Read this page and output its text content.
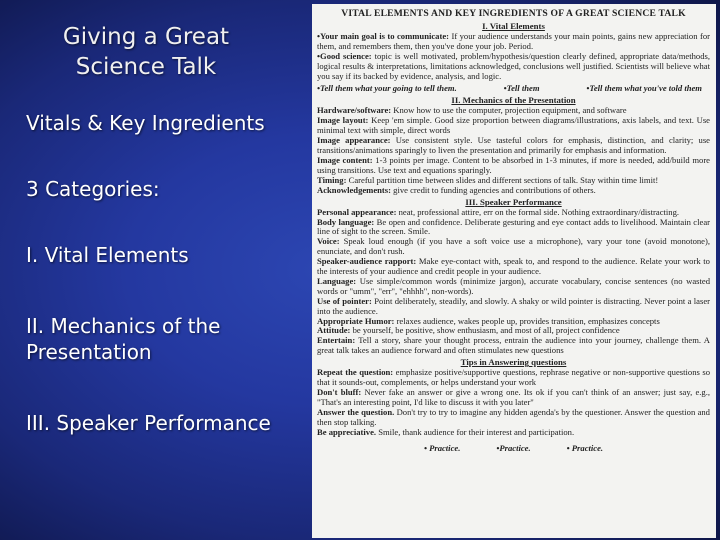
Giving a Great
Science Talk
Vitals & Key Ingredients
3 Categories:
I. Vital Elements
II. Mechanics of the
Presentation
III. Speaker Performance
VITAL ELEMENTS AND KEY INGREDIENTS OF A GREAT SCIENCE TALK
I. Vital Elements

•Your main goal is to communicate: If your audience understands your main points, gains new appreciation for them, and remembers them, then you've done your job. Period.

•Good science: topic is well motivated, problem/hypothesis/question clearly defined, appropriate data/methods, logical results & interpretations, limitations acknowledged, conclusions well justified. Scientists will believe what you say if its backed by evidence, analysis, and logic.

•Tell them what your going to tell them.	•Tell them	•Tell them what you've told them
II. Mechanics of the Presentation

Hardware/software: Know how to use the computer, projection equipment, and software

Image layout: Keep 'em simple. Good size proportion between diagrams/illustrations, axis labels, and text. Use minimal text with simple, direct words

Image appearance: Use consistent style. Use tasteful colors for emphasis, distinction, and clarity; use transitions/animations sparingly to liven the presentation and primarily for emphasis and information.

Image content: 1-3 points per image. Content to be absorbed in 1-3 minutes, if more is needed, add/build more using transitions. Use text and equations sparingly.

Timing: Careful partition time between slides and different sections of talk. Stay within time limit!

Acknowledgements: give credit to funding agencies and contributions of others.

III. Speaker Performance

Personal appearance: neat, professional attire, err on the formal side. Nothing extraordinary/distracting.

Body language: Be open and confidence. Deliberate gesturing and eye contact adds to livelihood. Maintain clear line of sight to the screen. Smile.

Voice: Speak loud enough (if you have a soft voice use a microphone), vary your tone (avoid monotone), enunciate, and don't rush.

Speaker-audience rapport: Make eye-contact with, speak to, and respond to the audience. Relate your work to the interests of your audience and credit people in your audience.

Language: Use simple/common words (minimize jargon), accurate vocabulary, concise sentences (no wasted words or "umm", "err", "ehhhh", non-words).

Use of pointer: Point deliberately, steadily, and slowly. A shaky or wild pointer is distracting. Never point a laser into the audience.

Appropriate Humor: relaxes audience, wakes people up, provides transition, emphasizes concepts

Attitude: be yourself, be positive, show enthusiasm, and most of all, project confidence

Entertain: Tell a story, share your thought process, entrain the audience into your journey, challenge them. A great talk takes an audience forward and often stimulates new questions

Tips in Answering questions

Repeat the question: emphasize positive/supportive questions, rephrase negative or non-supportive questions so that it sounds-out, complements, or helps understand your work

Don't bluff: Never fake an answer or give a wrong one. Its ok if you can't think of an answer; just say, e.g., "That's an interesting point, I'd like to discuss it with you later"

Answer the question. Don't try to try to imagine any hidden agenda's by the questioner. Answer the question and then stop talking.

Be appreciative. Smile, thank audience for their interest and participation.

• Practice.	•Practice.	• Practice.
